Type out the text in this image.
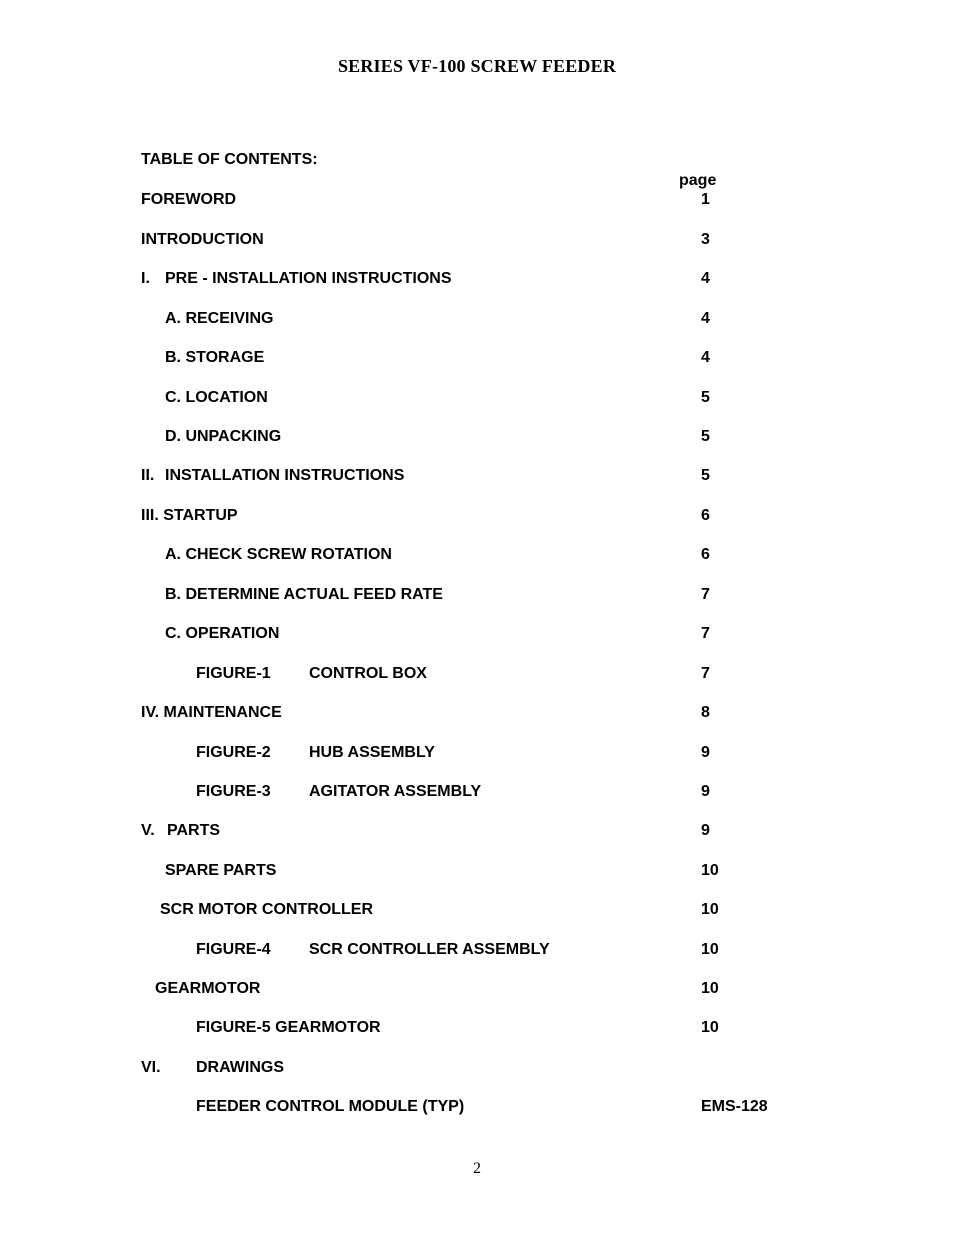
SERIES VF-100 SCREW FEEDER
TABLE OF CONTENTS:
page
FOREWORD	1
INTRODUCTION	3
I. PRE - INSTALLATION INSTRUCTIONS	4
A. RECEIVING	4
B. STORAGE	4
C. LOCATION	5
D. UNPACKING	5
II. INSTALLATION INSTRUCTIONS	5
III. STARTUP	6
A. CHECK SCREW ROTATION	6
B. DETERMINE ACTUAL FEED RATE	7
C. OPERATION	7
FIGURE-1 CONTROL BOX	7
IV. MAINTENANCE	8
FIGURE-2 HUB ASSEMBLY	9
FIGURE-3 AGITATOR ASSEMBLY	9
V. PARTS	9
SPARE PARTS	10
SCR MOTOR CONTROLLER	10
FIGURE-4 SCR CONTROLLER ASSEMBLY	10
GEARMOTOR	10
FIGURE-5 GEARMOTOR	10
VI. DRAWINGS
FEEDER CONTROL MODULE (TYP)	EMS-128
2
